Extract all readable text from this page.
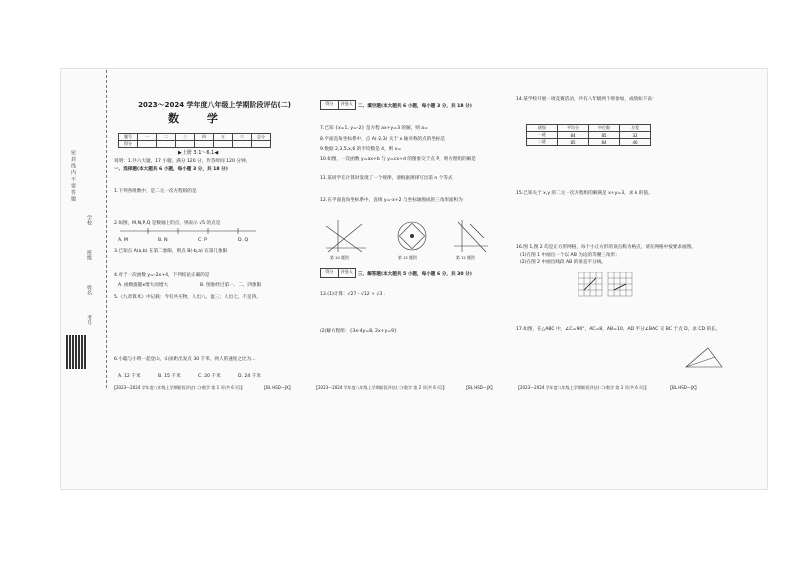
密 封 线 内 不 要 答 题
学校
班级
姓名
考号
2023～2024 学年度八年级上学期阶段评估(二)
数 学
题号	一	二	三	四	五	六	总分
得分							
▶上册 3.1～6.1◀
说明：1.共六大题，17 小题，满分 120 分，作答时间 120 分钟。
一、选择题(本大题共 6 小题，每小题 3 分，共 18 分)
1.下列各组数中，是二元一次方程组的是
2.如图，M,N,P,Q 是数轴上的点，则表示 √5 的点是
A. M	B. N	C. P	D. Q
3.已知点 A(a,b) 在第二象限，则点 B(-b,a) 在第几象限
4.对于一次函数 y=-2x+4，下列结论正确的是
A. 函数值随x增大而增大	B. 图象经过第一、二、四象限
5.《九章算术》中记载：今有共买物，人出八，盈三；人出七，不足四。
6.小聪与小明一起登山，山顶距出发点 30 千米，两人的速度之比为...
A. 12 千米	B. 15 千米	C. 20 千米	D. 24 千米
【2023～2024 学年度八年级上学期阶段评估(二)·数学 第 1 页(共 6 页)】	【BL HSD—JX】
得分	评卷人
二、填空题(本大题共 6 小题，每小题 3 分，共 18 分)
7.已知 {x=1, y=-2} 是方程 ax+y=3 的解，则 a=
8.平面直角坐标系中，点 A(-2,3) 关于 x 轴对称的点的坐标是
9.数据 2,3,5,x,6 的平均数是 4，则 x=
10.如图，一次函数 y=ax+b 与 y=cx+d 的图象交于点 P，则方程组的解是
11.某同学在计算时发现了一个规律，请根据规律写出第 n 个等式
12.在平面直角坐标系中，直线 y=-x+2 与坐标轴围成的三角形面积为
第 10 题图	第 12 题图	第 12 题图
得分	评卷人
三、解答题(本大题共 5 小题，每小题 6 分，共 30 分)
13.(1)计算：√27 - √12 + √3 .
(2)解方程组：{3x-4y=8, 2x+y=9}
【2023～2024 学年度八年级上学期阶段评估(二)·数学 第 2 页(共 6 页)】	【BL HSD—JX】
14.某学校开展一项竞赛活动，共有八年级两个班参加，成绩如下表：
班级	平均分	中位数	方差
一班	84	85	32
二班	85	84	46
15.已知关于 x,y 的二元一次方程组的解满足 x+y=3，求 k 的值。
16.图 1,图 2 均是正方形网格，每个小正方形的顶点称为格点，请在网格中按要求画图。
(1)在图 1 中画出一个以 AB 为边的等腰三角形；
(2)在图 2 中画出线段 AB 的垂直平分线。
17.如图，在△ABC 中，∠C=90°，AC=8，AB=10，AD 平分∠BAC 交 BC 于点 D，求 CD 的长。
【2023～2024 学年度八年级上学期阶段评估(二)·数学 第 3 页(共 6 页)】	【BL HSD—JX】
